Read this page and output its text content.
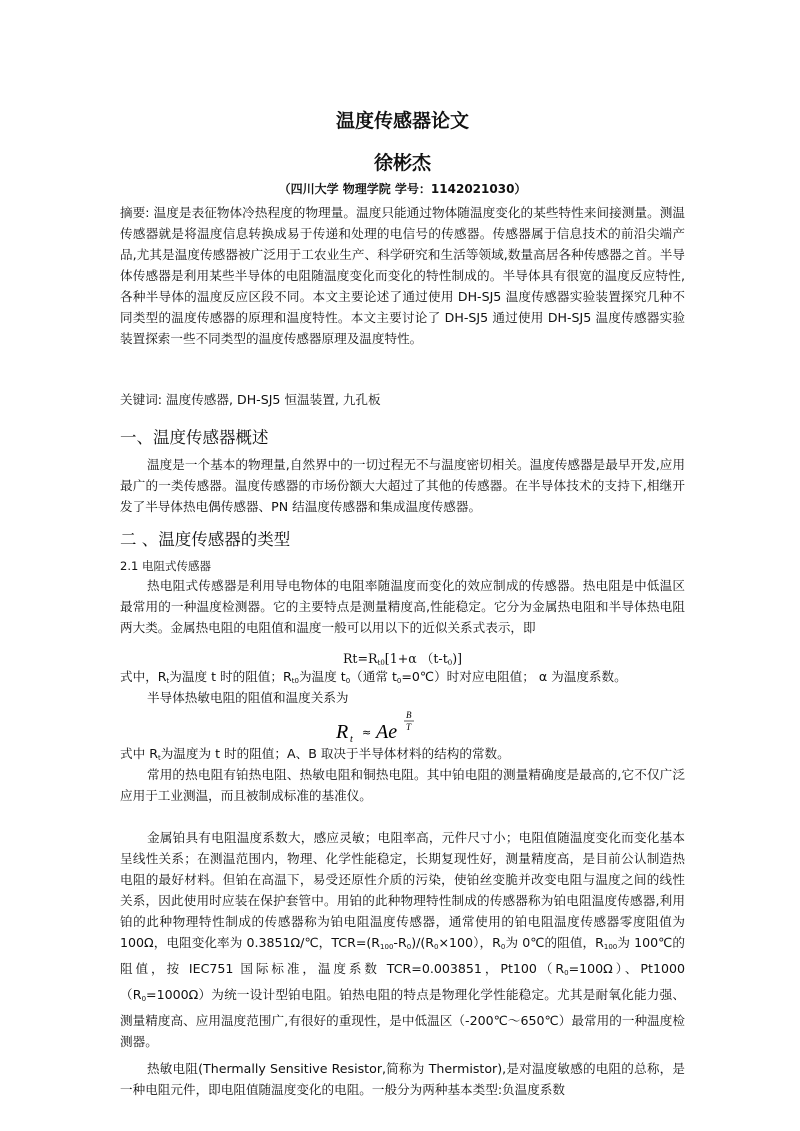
温度传感器论文
徐彬杰
（四川大学 物理学院 学号：1142021030）

摘要: 温度是表征物体冷热程度的物理量。温度只能通过物体随温度变化的某些特性来间接测量。测温传感器就是将温度信息转换成易于传递和处理的电信号的传感器。传感器属于信息技术的前沿尖端产品,尤其是温度传感器被广泛用于工农业生产、科学研究和生活等领域,数量高居各种传感器之首。半导体传感器是利用某些半导体的电阻随温度变化而变化的特性制成的。半导体具有很宽的温度反应特性,各种半导体的温度反应区段不同。本文主要论述了通过使用 DH-SJ5 温度传感器实验装置探究几种不同类型的温度传感器的原理和温度特性。本文主要讨论了 DH-SJ5 通过使用 DH-SJ5 温度传感器实验装置探索一些不同类型的温度传感器原理及温度特性。

关键词: 温度传感器, DH-SJ5 恒温装置, 九孔板

一、温度传感器概述

温度是一个基本的物理量,自然界中的一切过程无不与温度密切相关。温度传感器是最早开发,应用最广的一类传感器。温度传感器的市场份额大大超过了其他的传感器。在半导体技术的支持下,相继开发了半导体热电偶传感器、PN 结温度传感器和集成温度传感器。

二 、温度传感器的类型
2.1 电阻式传感器

热电阻式传感器是利用导电物体的电阻率随温度而变化的效应制成的传感器。热电阻是中低温区最常用的一种温度检测器。它的主要特点是测量精度高,性能稳定。它分为金属热电阻和半导体热电阻两大类。金属热电阻的电阻值和温度一般可以用以下的近似关系式表示，即

$Rt=R_{t0}[1+\alpha$ $(t-t_0)$]

式中，$R_t$为温度 t 时的阻值；$R_{t0}$为温度 $t_0$（通常 $t_0=0℃$）时对应电阻值； α 为温度系数。

半导体热敏电阻的阻值和温度关系为

R t
≈ Ae
B
T

式中 $R_t$为温度为 t 时的阻值；A、B 取决于半导体材料的结构的常数。

常用的热电阻有铂热电阻、热敏电阻和铜热电阻。其中铂电阻的测量精确度是最高的,它不仅广泛应用于工业测温，而且被制成标准的基准仪。

金属铂具有电阻温度系数大，感应灵敏；电阻率高，元件尺寸小；电阻值随温度变化而变化基本呈线性关系；在测温范围内，物理、化学性能稳定，长期复现性好，测量精度高，是目前公认制造热电阻的最好材料。但铂在高温下，易受还原性介质的污染，使铂丝变脆并改变电阻与温度之间的线性关系，因此使用时应装在保护套管中。用铂的此种物理特性制成的传感器称为铂电阻温度传感器,利用铂的此种物理特性制成的传感器称为铂电阻温度传感器，通常使用的铂电阻温度传感器零度阻值为 100Ω，电阻变化率为 0.3851Ω/℃，$TCR=(R_{100}-R_0)/(R_0\times 100)$，$R_0$为 0℃的阻值，$R_{100}$为 100℃的阻值，按 IEC751 国际标准，温度系数 TCR=0.003851，$Pt100(R_0=100\Omega)$、$Pt1000(R_0=1000\Omega)$为统一设计型铂电阻。铂热电阻的特点是物理化学性能稳定。尤其是耐氧化能力强、测量精度高、应用温度范围广,有很好的重现性，是中低温区（-200℃～650℃）最常用的一种温度检测器。

热敏电阻(Thermally Sensitive Resistor,简称为 Thermistor),是对温度敏感的电阻的总称，是一种电阻元件，即电阻值随温度变化的电阻。一般分为两种基本类型:负温度系数
